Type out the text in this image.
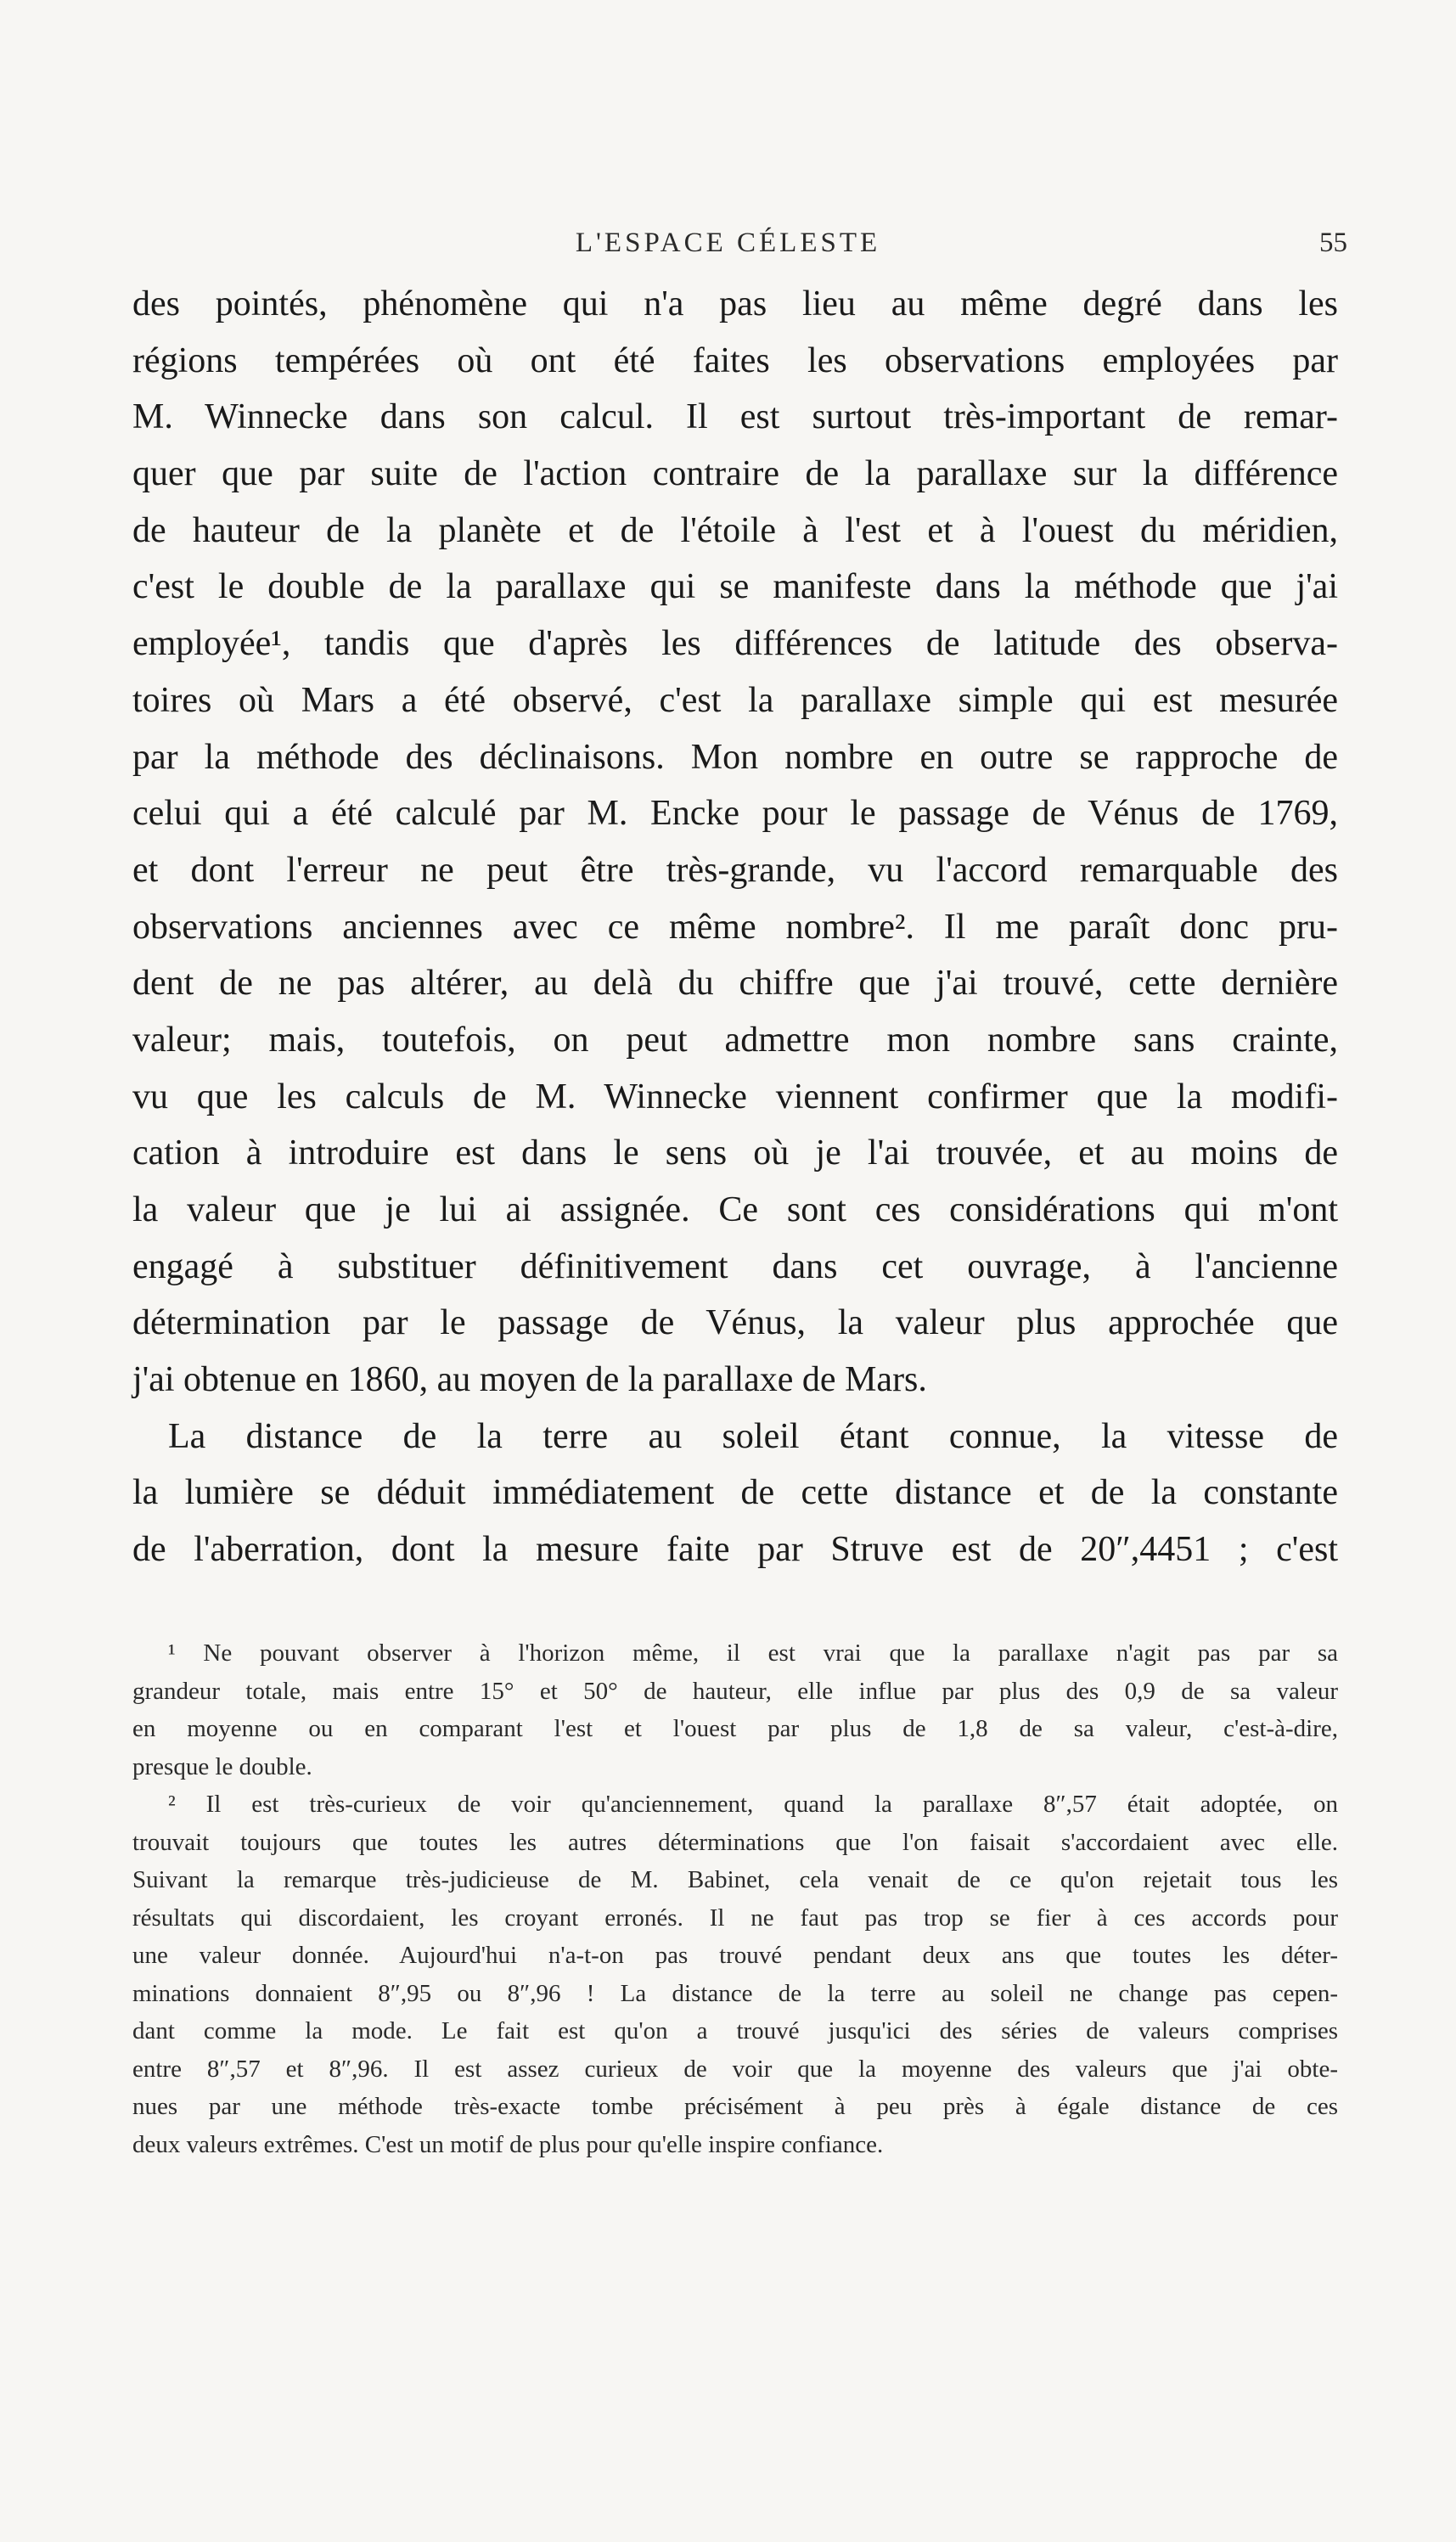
L'ESPACE CÉLESTE	55
des pointés, phénomène qui n'a pas lieu au même degré dans les
régions tempérées où ont été faites les observations employées par
M. Winnecke dans son calcul. Il est surtout très-important de remar-
quer que par suite de l'action contraire de la parallaxe sur la différence
de hauteur de la planète et de l'étoile à l'est et à l'ouest du méridien,
c'est le double de la parallaxe qui se manifeste dans la méthode que j'ai
employée¹, tandis que d'après les différences de latitude des observa-
toires où Mars a été observé, c'est la parallaxe simple qui est mesurée
par la méthode des déclinaisons. Mon nombre en outre se rapproche de
celui qui a été calculé par M. Encke pour le passage de Vénus de 1769,
et dont l'erreur ne peut être très-grande, vu l'accord remarquable des
observations anciennes avec ce même nombre². Il me paraît donc pru-
dent de ne pas altérer, au delà du chiffre que j'ai trouvé, cette dernière
valeur; mais, toutefois, on peut admettre mon nombre sans crainte,
vu que les calculs de M. Winnecke viennent confirmer que la modifi-
cation à introduire est dans le sens où je l'ai trouvée, et au moins de
la valeur que je lui ai assignée. Ce sont ces considérations qui m'ont
engagé à substituer définitivement dans cet ouvrage, à l'ancienne
détermination par le passage de Vénus, la valeur plus approchée que
j'ai obtenue en 1860, au moyen de la parallaxe de Mars.
La distance de la terre au soleil étant connue, la vitesse de
la lumière se déduit immédiatement de cette distance et de la constante
de l'aberration, dont la mesure faite par Struve est de 20″,4451 ; c'est
¹ Ne pouvant observer à l'horizon même, il est vrai que la parallaxe n'agit pas par sa
grandeur totale, mais entre 15° et 50° de hauteur, elle influe par plus des 0,9 de sa valeur
en moyenne ou en comparant l'est et l'ouest par plus de 1,8 de sa valeur, c'est-à-dire,
presque le double.
² Il est très-curieux de voir qu'anciennement, quand la parallaxe 8″,57 était adoptée, on
trouvait toujours que toutes les autres déterminations que l'on faisait s'accordaient avec elle.
Suivant la remarque très-judicieuse de M. Babinet, cela venait de ce qu'on rejetait tous les
résultats qui discordaient, les croyant erronés. Il ne faut pas trop se fier à ces accords pour
une valeur donnée. Aujourd'hui n'a-t-on pas trouvé pendant deux ans que toutes les déter-
minations donnaient 8″,95 ou 8″,96 ! La distance de la terre au soleil ne change pas cepen-
dant comme la mode. Le fait est qu'on a trouvé jusqu'ici des séries de valeurs comprises
entre 8″,57 et 8″,96. Il est assez curieux de voir que la moyenne des valeurs que j'ai obte-
nues par une méthode très-exacte tombe précisément à peu près à égale distance de ces
deux valeurs extrêmes. C'est un motif de plus pour qu'elle inspire confiance.
